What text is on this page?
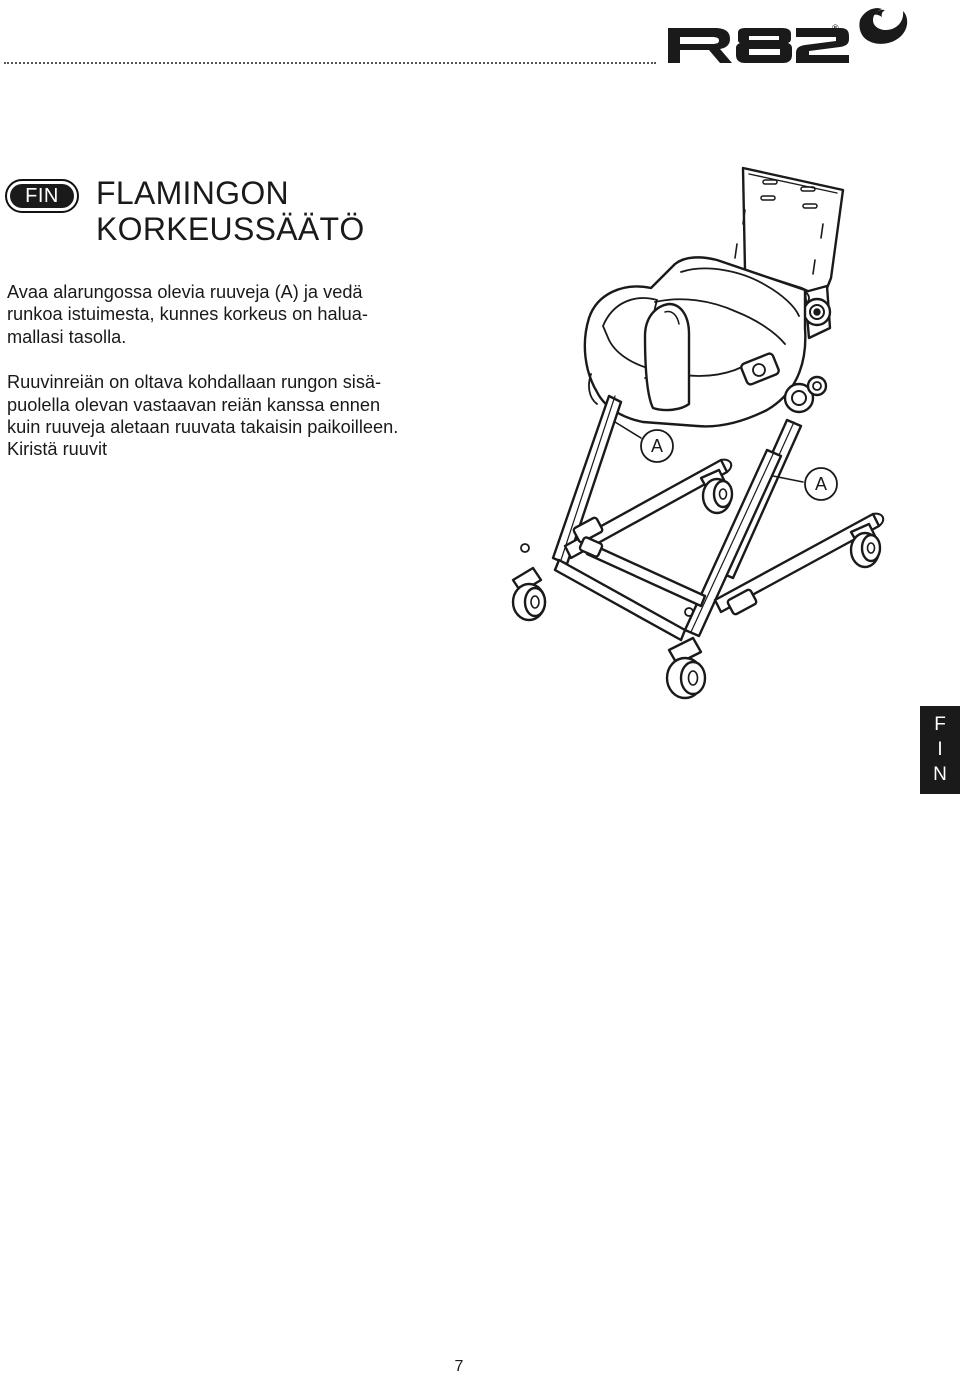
®
FIN	FLAMINGON
KORKEUSSÄÄTÖ

Avaa alarungossa olevia ruuveja (A) ja vedä
runkoa istuimesta, kunnes korkeus on halua-
mallasi tasolla.

Ruuvinreiän on oltava kohdallaan rungon sisä-
puolella olevan vastaavan reiän kanssa ennen
kuin ruuveja aletaan ruuvata takaisin paikoilleen.
Kiristä ruuvit	A
A
F
I
N
7
